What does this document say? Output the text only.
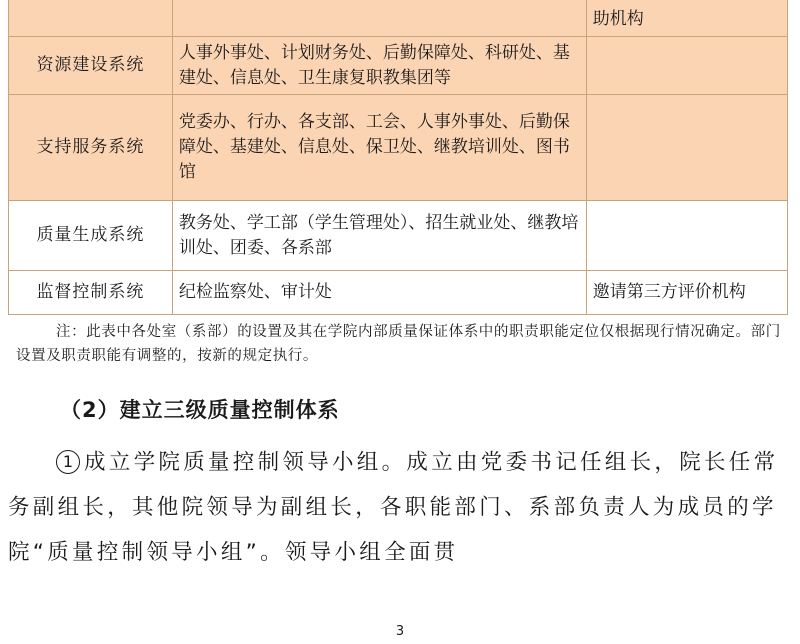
		助机构
资源建设系统	人事外事处、计划财务处、后勤保障处、科研处、基建处、信息处、卫生康复职教集团等	
支持服务系统	党委办、行办、各支部、工会、人事外事处、后勤保障处、基建处、信息处、保卫处、继教培训处、图书馆	
质量生成系统	教务处、学工部（学生管理处）、招生就业处、继教培训处、团委、各系部	
监督控制系统	纪检监察处、审计处	邀请第三方评价机构
注：此表中各处室（系部）的设置及其在学院内部质量保证体系中的职责职能定位仅根据现行情况确定。部门设置及职责职能有调整的，按新的规定执行。
（2）建立三级质量控制体系
1 成立学院质量控制领导小组。成立由党委书记任组长，院长任常务副组长，其他院领导为副组长，各职能部门、系部负责人为成员的学院“质量控制领导小组”。领导小组全面贯
3
